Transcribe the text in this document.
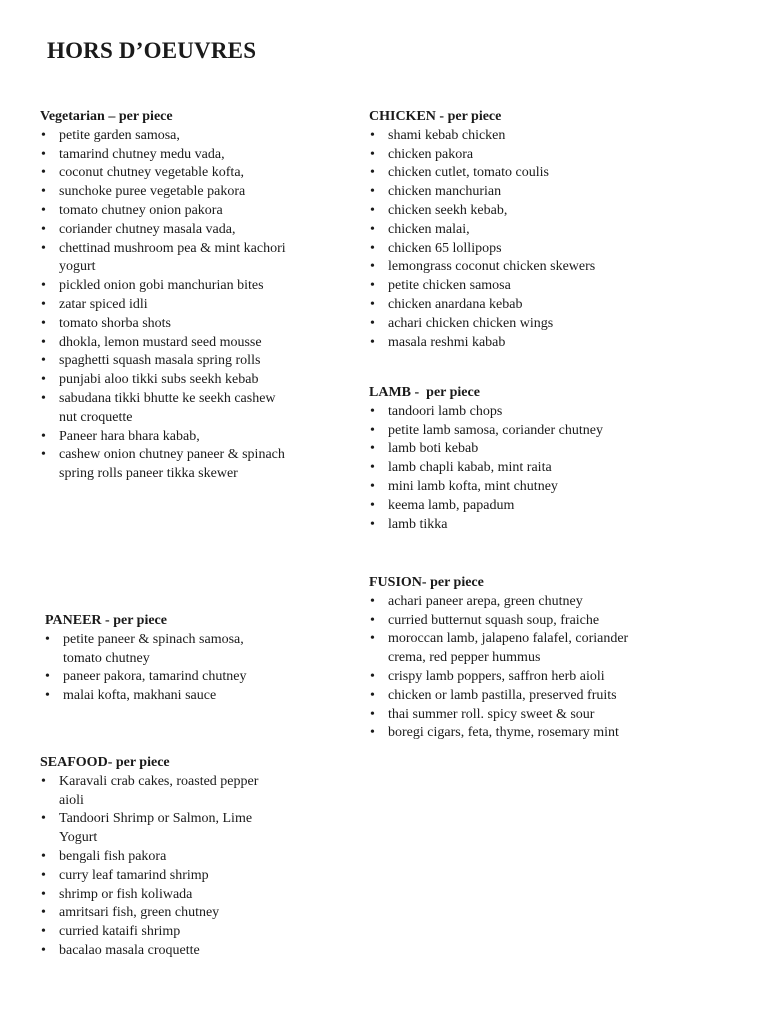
HORS D’OEUVRES
Vegetarian – per piece
• petite garden samosa,
• tamarind chutney medu vada,
• coconut chutney vegetable kofta,
• sunchoke puree vegetable pakora
• tomato chutney onion pakora
• coriander chutney masala vada,
• chettinad mushroom pea & mint kachori yogurt
• pickled onion gobi manchurian bites
• zatar spiced idli
• tomato shorba shots
• dhokla, lemon mustard seed mousse
• spaghetti squash masala spring rolls
• punjabi aloo tikki subs seekh kebab
• sabudana tikki bhutte ke seekh cashew nut croquette
• Paneer hara bhara kabab,
• cashew onion chutney paneer & spinach spring rolls paneer tikka skewer
PANEER - per piece
• petite paneer & spinach samosa, tomato chutney
• paneer pakora, tamarind chutney
• malai kofta, makhani sauce
SEAFOOD- per piece
• Karavali crab cakes, roasted pepper aioli
• Tandoori Shrimp or Salmon, Lime Yogurt
• bengali fish pakora
• curry leaf tamarind shrimp
• shrimp or fish koliwada
• amritsari fish, green chutney
• curried kataifi shrimp
• bacalao masala croquette
CHICKEN - per piece
• shami kebab chicken
• chicken pakora
• chicken cutlet, tomato coulis
• chicken manchurian
• chicken seekh kebab,
• chicken malai,
• chicken 65 lollipops
• lemongrass coconut chicken skewers
• petite chicken samosa
• chicken anardana kebab
• achari chicken chicken wings
• masala reshmi kabab
LAMB -  per piece
• tandoori lamb chops
• petite lamb samosa, coriander chutney
• lamb boti kebab
• lamb chapli kabab, mint raita
• mini lamb kofta, mint chutney
• keema lamb, papadum
• lamb tikka
FUSION- per piece
• achari paneer arepa, green chutney
• curried butternut squash soup, fraiche
• moroccan lamb, jalapeno falafel, coriander crema, red pepper hummus
• crispy lamb poppers, saffron herb aioli
• chicken or lamb pastilla, preserved fruits
• thai summer roll. spicy sweet & sour
• boregi cigars, feta, thyme, rosemary mint
